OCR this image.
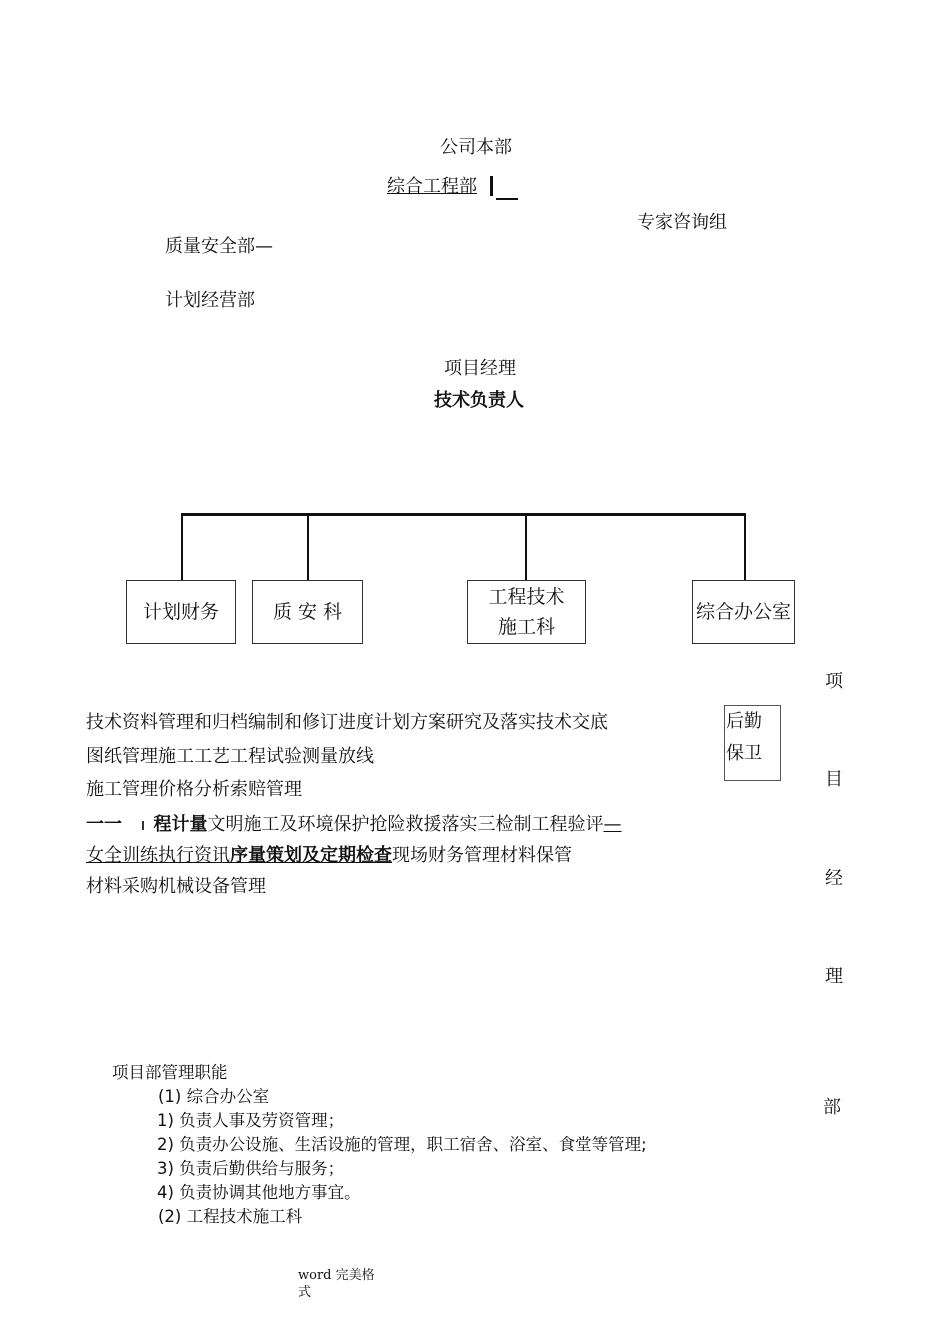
公司本部
综合工程部
专家咨询组
质量安全部—
计划经营部
项目经理
技术负责人
计划财务	质 安 科
工程技术
施工科
综合办公室
后勤
保卫
项
目
经
理
部
技术资料管理和归档编制和修订进度计划方案研究及落实技术交底
图纸管理施工工艺工程试验测量放线
施工管理价格分析索赔管理
一一 程计量文明施工及环境保护抢险救援落实三检制工程验评—
女全训练执行资讯序量策划及定期检查现场财务管理材料保管
材料采购机械设备管理
项目部管理职能
(1) 综合办公室
1) 负责人事及劳资管理；
2) 负责办公设施、生活设施的管理，职工宿舍、浴室、食堂等管理;
3) 负责后勤供给与服务；
4) 负责协调其他地方事宜。
(2) 工程技术施工科
word 完美格
式
